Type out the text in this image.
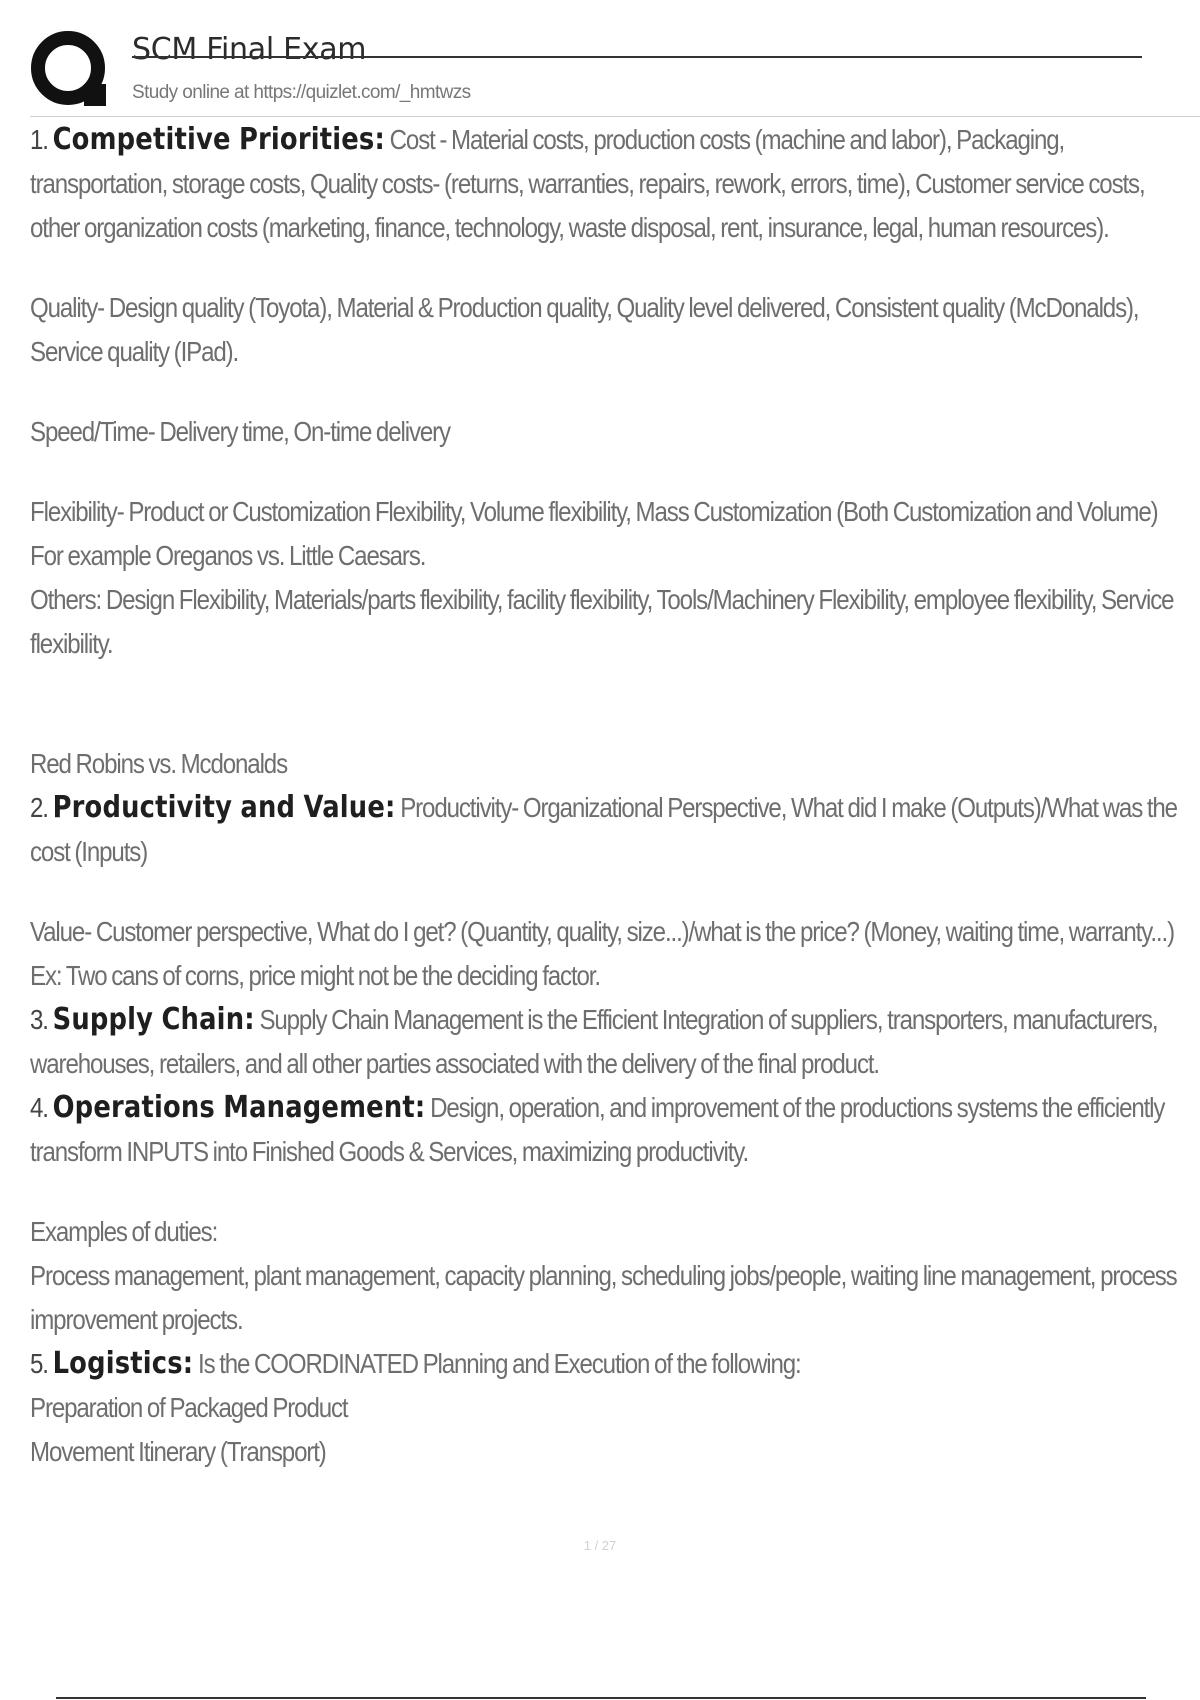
SCM Final Exam
Study online at https://quizlet.com/_hmtwzs

1. Competitive Priorities: Cost - Material costs, production costs (machine and labor), Packaging, transportation, storage costs, Quality costs- (returns, warranties, repairs, rework, errors, time), Customer service costs, other organization costs (marketing, finance, technology, waste disposal, rent, insurance, legal, human resources).

Quality- Design quality (Toyota), Material & Production quality, Quality level delivered, Consistent quality (McDonalds), Service quality (IPad).

Speed/Time- Delivery time, On-time delivery

Flexibility- Product or Customization Flexibility, Volume flexibility, Mass Customization (Both Customization and Volume)

For example Oreganos vs. Little Caesars.

Others: Design Flexibility, Materials/parts flexibility, facility flexibility, Tools/Machinery Flexibility, employee flexibility, Service flexibility.

Red Robins vs. Mcdonalds

2. Productivity and Value: Productivity- Organizational Perspective, What did I make (Outputs)/What was the cost (Inputs)

Value- Customer perspective, What do I get? (Quantity, quality, size...)/what is the price? (Money, waiting time, warranty...)

Ex: Two cans of corns, price might not be the deciding factor.

3. Supply Chain: Supply Chain Management is the Efficient Integration of suppliers, transporters, manufacturers, warehouses, retailers, and all other parties associated with the delivery of the final product.

4. Operations Management: Design, operation, and improvement of the productions systems the efficiently transform INPUTS into Finished Goods & Services, maximizing productivity.

Examples of duties:

Process management, plant management, capacity planning, scheduling jobs/people, waiting line management, process improvement projects.

5. Logistics: Is the COORDINATED Planning and Execution of the following:

Preparation of Packaged Product

Movement Itinerary (Transport)

1 / 27
